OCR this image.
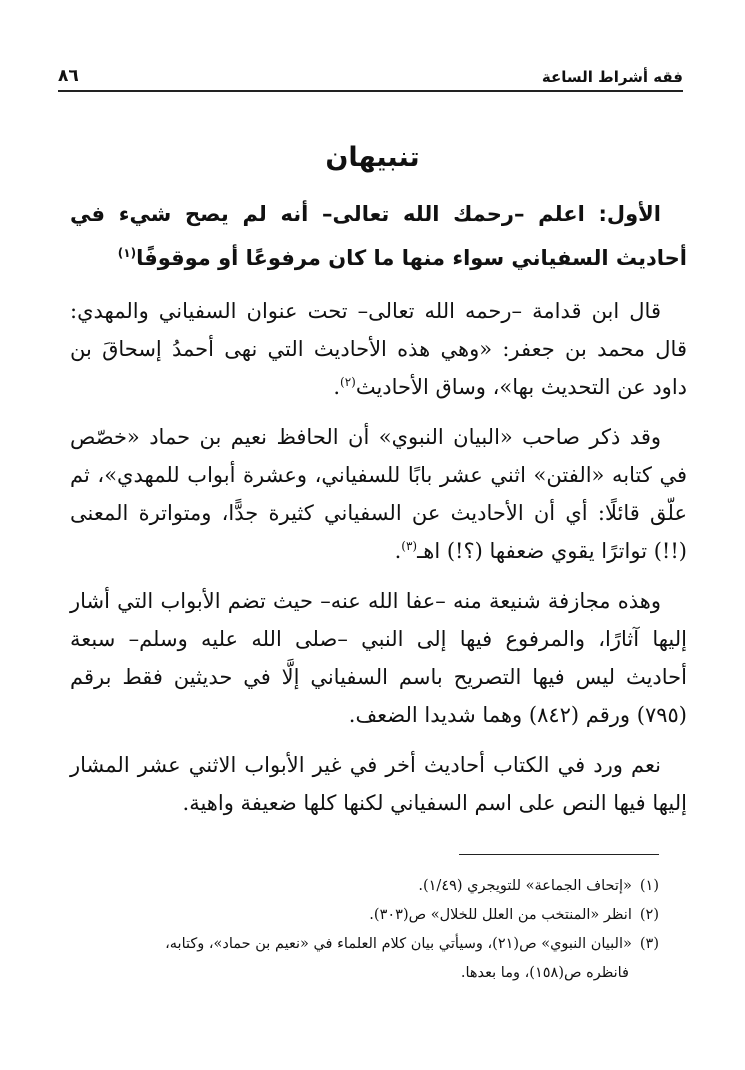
فقه أشراط الساعة
٨٦
تنبيهان

الأول: اعلم –رحمك الله تعالى– أنه لم يصح شيء في أحاديث السفياني سواء منها ما كان مرفوعًا أو موقوفًا$^{(١)}$

قال ابن قدامة –رحمه الله تعالى– تحت عنوان السفياني والمهدي: قال محمد بن جعفر: «وهي هذه الأحاديث التي نهى أحمدُ إسحاقَ بن داود عن التحديث بها»، وساق الأحاديث$^{(٢)}$.

وقد ذكر صاحب «البيان النبوي» أن الحافظ نعيم بن حماد «خصّص في كتابه «الفتن» اثني عشر بابًا للسفياني، وعشرة أبواب للمهدي»، ثم علّق قائلًا: أي أن الأحاديث عن السفياني كثيرة جدًّا، ومتواترة المعنى (!!) تواترًا يقوي ضعفها (؟!) اهـ$^{(٣)}$.

وهذه مجازفة شنيعة منه –عفا الله عنه– حيث تضم الأبواب التي أشار إليها آثارًا، والمرفوع فيها إلى النبي –صلى الله عليه وسلم– سبعة أحاديث ليس فيها التصريح باسم السفياني إلَّا في حديثين فقط برقم (٧٩٥) ورقم (٨٤٢) وهما شديدا الضعف.

نعم ورد في الكتاب أحاديث أخر في غير الأبواب الاثني عشر المشار إليها فيها النص على اسم السفياني لكنها كلها ضعيفة واهية.

(١)«إتحاف الجماعة» للتويجري (١/٤٩).

(٢)انظر «المنتخب من العلل للخلال» ص(٣٠٣).

(٣)«البيان النبوي» ص(٢١)، وسيأتي بيان كلام العلماء في «نعيم بن حماد»، وكتابه،

فانظره ص(١٥٨)، وما بعدها.
